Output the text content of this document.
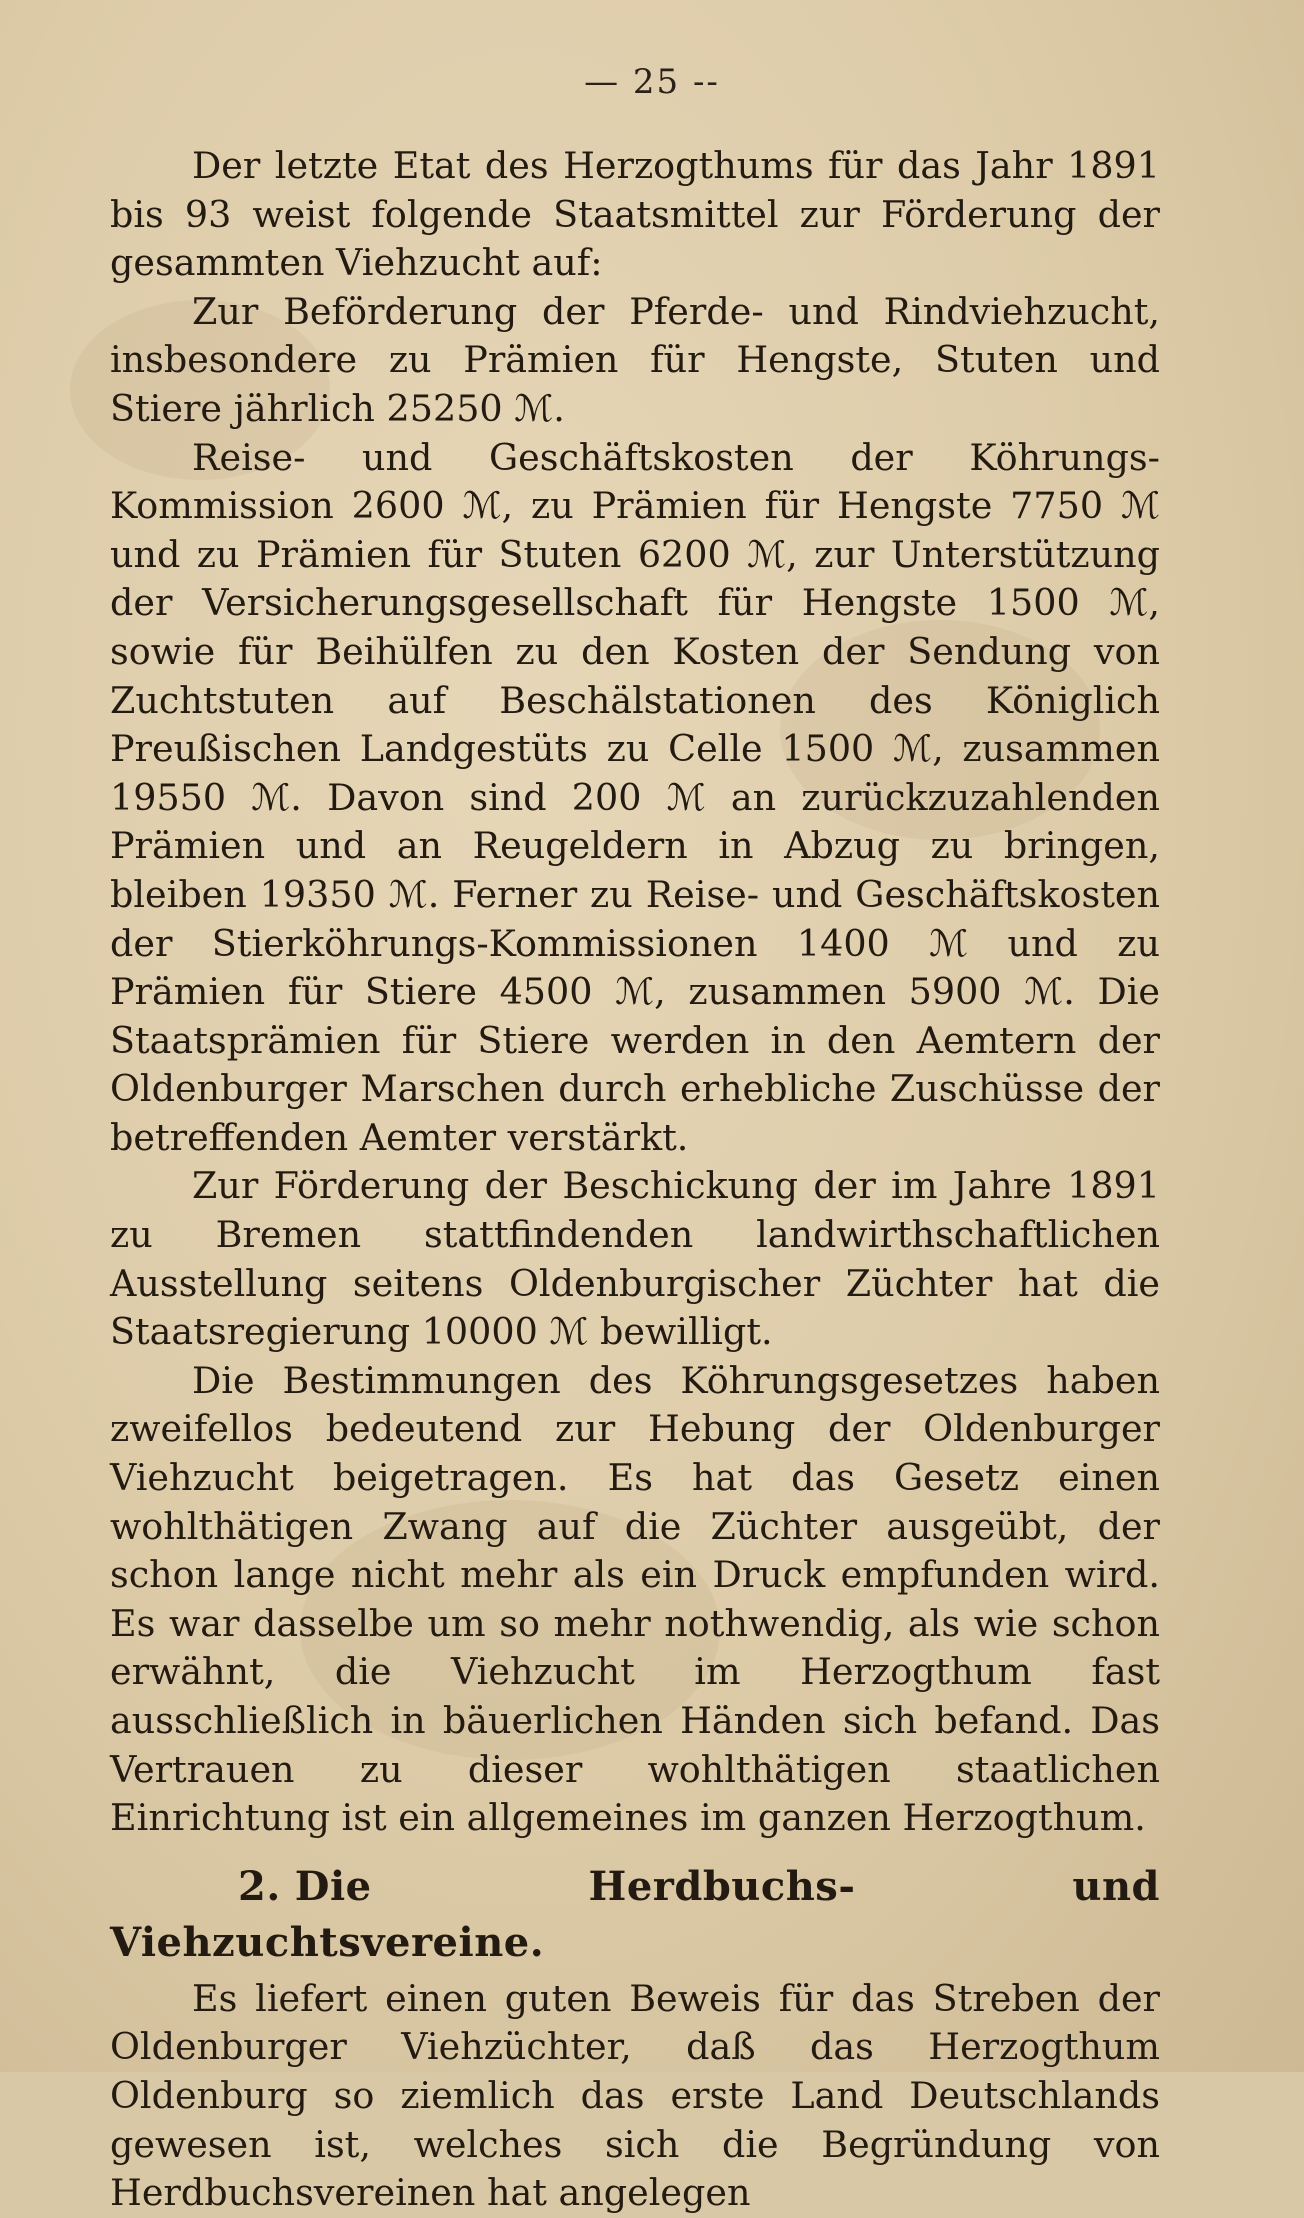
— 25 --

Der letzte Etat des Herzogthums für das Jahr 1891 bis 93 weist folgende Staatsmittel zur Förderung der gesammten Viehzucht auf:

Zur Beförderung der Pferde- und Rindviehzucht, insbesondere zu Prämien für Hengste, Stuten und Stiere jährlich 25250 ℳ.

Reise- und Geschäftskosten der Köhrungs-Kommission 2600 ℳ, zu Prämien für Hengste 7750 ℳ und zu Prämien für Stuten 6200 ℳ, zur Unterstützung der Versicherungsgesellschaft für Hengste 1500 ℳ, sowie für Beihülfen zu den Kosten der Sendung von Zuchtstuten auf Beschälstationen des Königlich Preußischen Landgestüts zu Celle 1500 ℳ, zusammen 19550 ℳ. Davon sind 200 ℳ an zurückzuzahlenden Prämien und an Reugeldern in Abzug zu bringen, bleiben 19350 ℳ. Ferner zu Reise- und Geschäftskosten der Stierköhrungs-Kommissionen 1400 ℳ und zu Prämien für Stiere 4500 ℳ, zusammen 5900 ℳ. Die Staatsprämien für Stiere werden in den Aemtern der Oldenburger Marschen durch erhebliche Zuschüsse der betreffenden Aemter verstärkt.

Zur Förderung der Beschickung der im Jahre 1891 zu Bremen stattfindenden landwirthschaftlichen Ausstellung seitens Oldenburgischer Züchter hat die Staatsregierung 10000 ℳ bewilligt.

Die Bestimmungen des Köhrungsgesetzes haben zweifellos bedeutend zur Hebung der Oldenburger Viehzucht beigetragen. Es hat das Gesetz einen wohlthätigen Zwang auf die Züchter ausgeübt, der schon lange nicht mehr als ein Druck empfunden wird. Es war dasselbe um so mehr nothwendig, als wie schon erwähnt, die Viehzucht im Herzogthum fast ausschließlich in bäuerlichen Händen sich befand. Das Vertrauen zu dieser wohlthätigen staatlichen Einrichtung ist ein allgemeines im ganzen Herzogthum.

2. Die Herdbuchs- und Viehzuchtsvereine.

Es liefert einen guten Beweis für das Streben der Oldenburger Viehzüchter, daß das Herzogthum Oldenburg so ziemlich das erste Land Deutschlands gewesen ist, welches sich die Begründung von Herdbuchsvereinen hat angelegen
